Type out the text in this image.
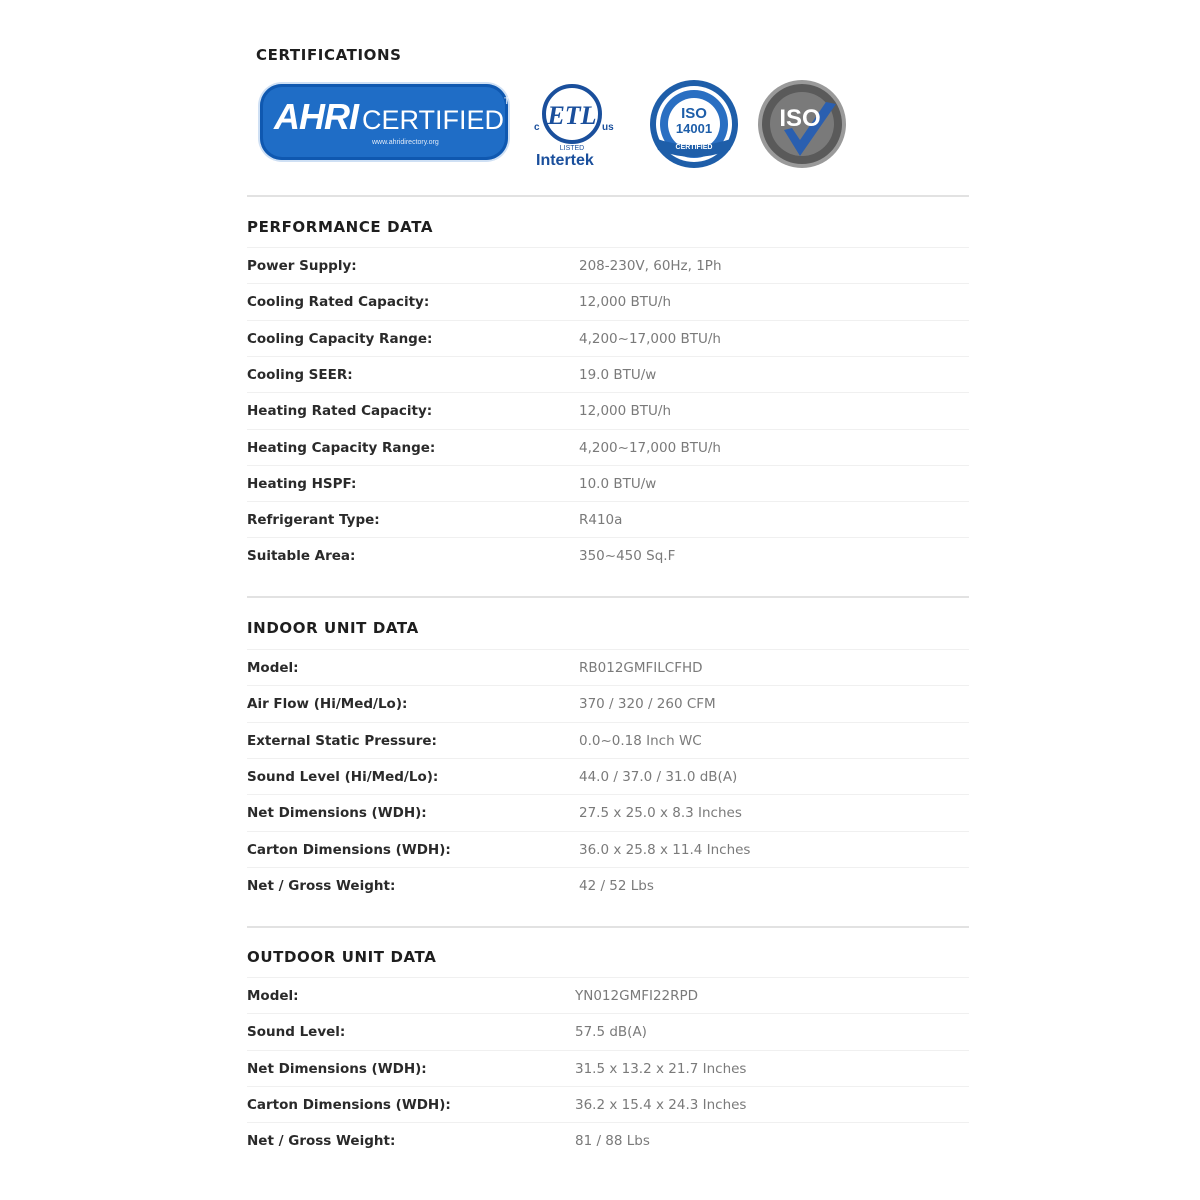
CERTIFICATIONS
AHRI CERTIFIED™
www.ahridirectory.org
ETL
c	us
LISTED
Intertek
ISO
14001
CERTIFIED
ISO
PERFORMANCE DATA
Power Supply:	208-230V, 60Hz, 1Ph
Cooling Rated Capacity:	12,000 BTU/h
Cooling Capacity Range:	4,200~17,000 BTU/h
Cooling SEER:	19.0 BTU/w
Heating Rated Capacity:	12,000 BTU/h
Heating Capacity Range:	4,200~17,000 BTU/h
Heating HSPF:	10.0 BTU/w
Refrigerant Type:	R410a
Suitable Area:	350~450 Sq.F
INDOOR UNIT DATA
Model:	RB012GMFILCFHD
Air Flow (Hi/Med/Lo):	370 / 320 / 260 CFM
External Static Pressure:	0.0~0.18 Inch WC
Sound Level (Hi/Med/Lo):	44.0 / 37.0 / 31.0 dB(A)
Net Dimensions (WDH):	27.5 x 25.0 x 8.3 Inches
Carton Dimensions (WDH):	36.0 x 25.8 x 11.4 Inches
Net / Gross Weight:	42 / 52 Lbs
OUTDOOR UNIT DATA
Model:	YN012GMFI22RPD
Sound Level:	57.5 dB(A)
Net Dimensions (WDH):	31.5 x 13.2 x 21.7 Inches
Carton Dimensions (WDH):	36.2 x 15.4 x 24.3 Inches
Net / Gross Weight:	81 / 88 Lbs
